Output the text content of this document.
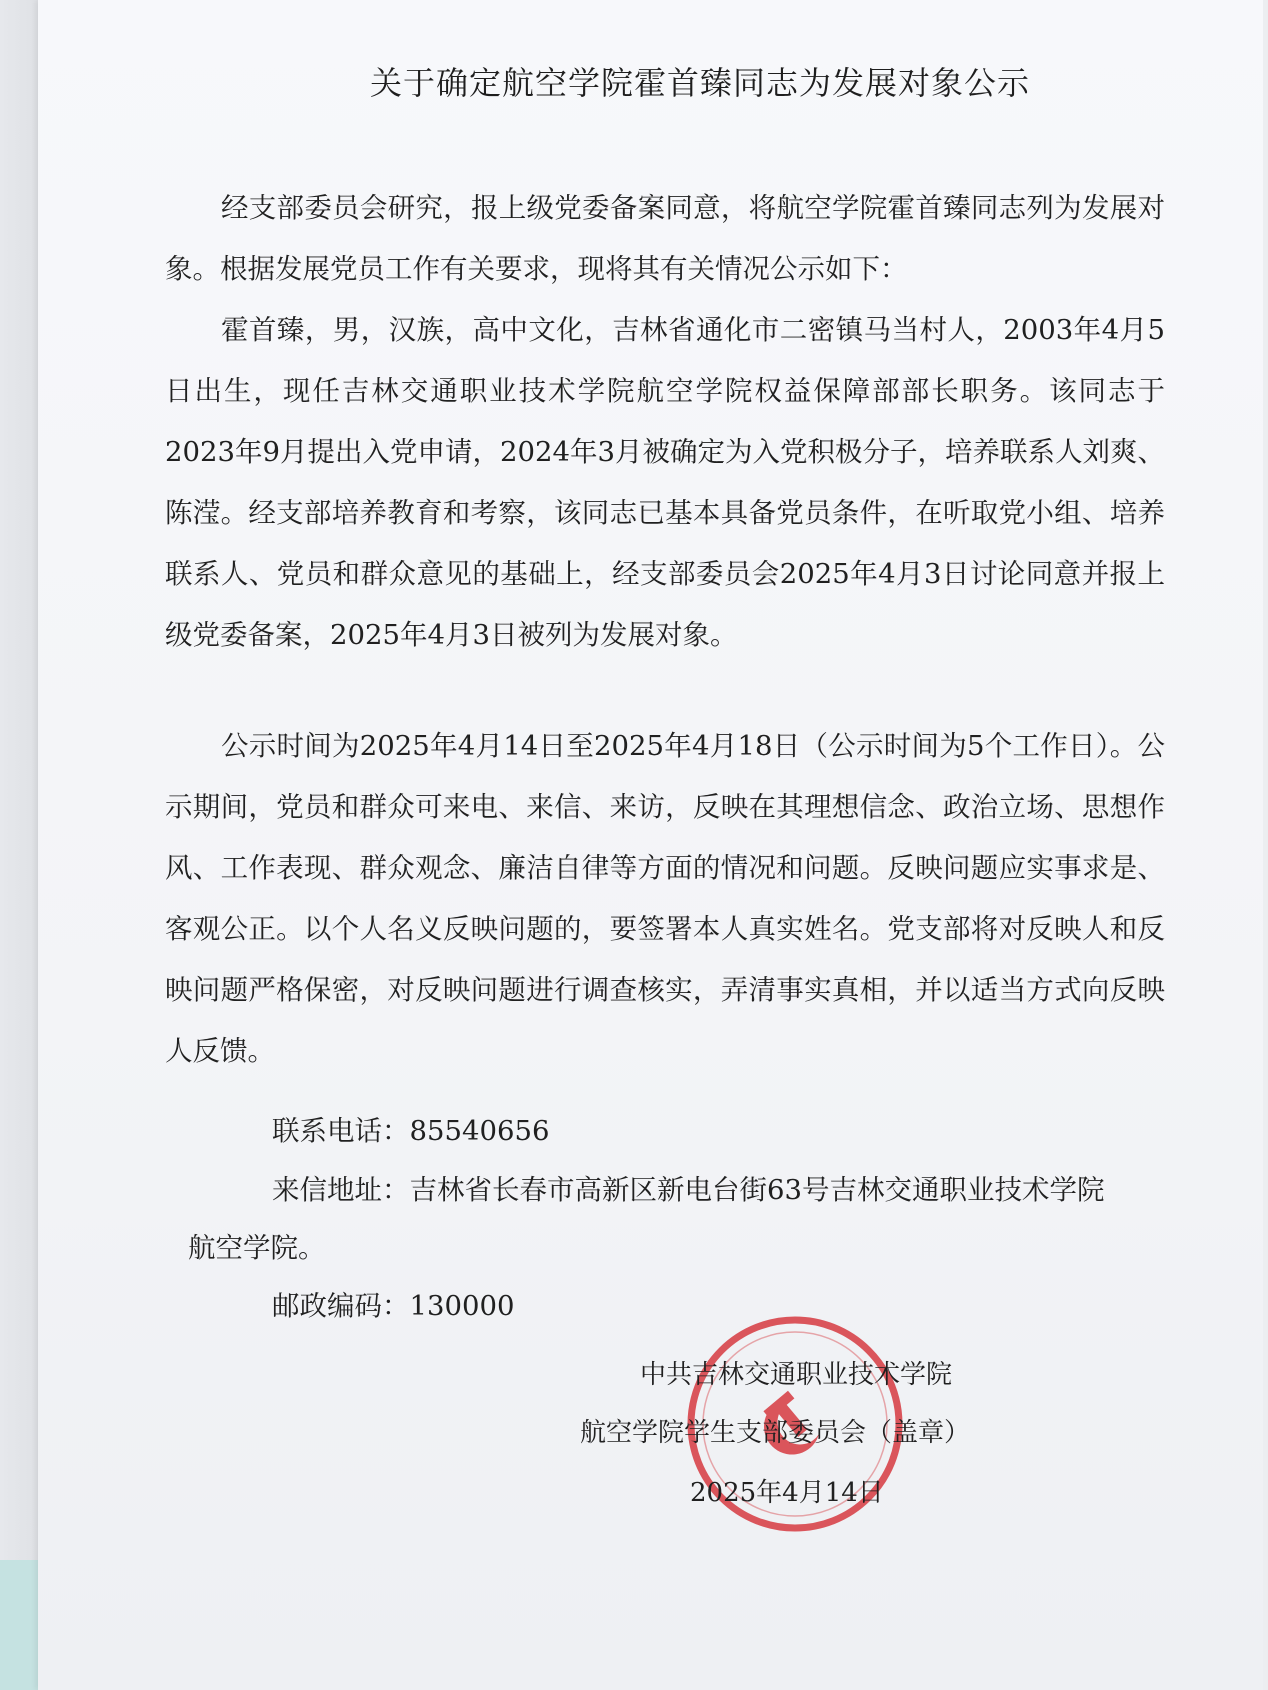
关于确定航空学院霍首臻同志为发展对象公示

经支部委员会研究，报上级党委备案同意，将航空学院霍首臻同志列为发展对象。根据发展党员工作有关要求，现将其有关情况公示如下：

霍首臻，男，汉族，高中文化，吉林省通化市二密镇马当村人，2003年4月5日出生，现任吉林交通职业技术学院航空学院权益保障部部长职务。该同志于2023年9月提出入党申请，2024年3月被确定为入党积极分子，培养联系人刘爽、陈滢。经支部培养教育和考察，该同志已基本具备党员条件，在听取党小组、培养联系人、党员和群众意见的基础上，经支部委员会2025年4月3日讨论同意并报上级党委备案，2025年4月3日被列为发展对象。

公示时间为2025年4月14日至2025年4月18日（公示时间为5个工作日）。公示期间，党员和群众可来电、来信、来访，反映在其理想信念、政治立场、思想作风、工作表现、群众观念、廉洁自律等方面的情况和问题。反映问题应实事求是、客观公正。以个人名义反映问题的，要签署本人真实姓名。党支部将对反映人和反映问题严格保密，对反映问题进行调查核实，弄清事实真相，并以适当方式向反映人反馈。

联系电话：85540656
来信地址：吉林省长春市高新区新电台街63号吉林交通职业技术学院
航空学院。
邮政编码：130000
中共吉林交通职业技术学院
航空学院学生支部委员会（盖章）
2025年4月14日
